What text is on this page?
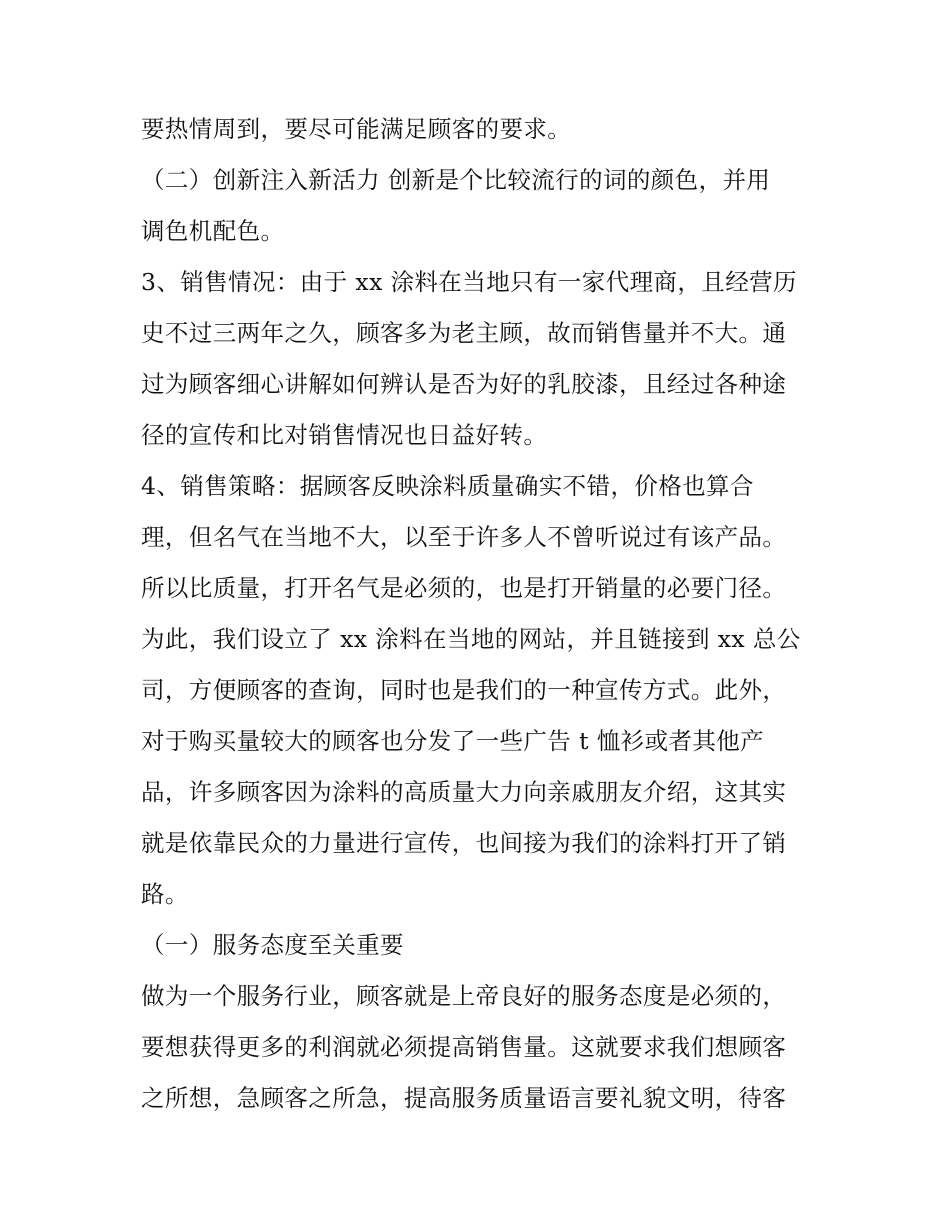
要热情周到，要尽可能满足顾客的要求。
（二）创新注入新活力 创新是个比较流行的词的颜色，并用
调色机配色。
3、销售情况：由于 xx 涂料在当地只有一家代理商，且经营历
史不过三两年之久，顾客多为老主顾，故而销售量并不大。通
过为顾客细心讲解如何辨认是否为好的乳胶漆，且经过各种途
径的宣传和比对销售情况也日益好转。
4、销售策略：据顾客反映涂料质量确实不错，价格也算合
理，但名气在当地不大，以至于许多人不曾听说过有该产品。
所以比质量，打开名气是必须的，也是打开销量的必要门径。
为此，我们设立了 xx 涂料在当地的网站，并且链接到 xx 总公
司，方便顾客的查询，同时也是我们的一种宣传方式。此外，
对于购买量较大的顾客也分发了一些广告 t 恤衫或者其他产
品，许多顾客因为涂料的高质量大力向亲戚朋友介绍，这其实
就是依靠民众的力量进行宣传，也间接为我们的涂料打开了销
路。
（一）服务态度至关重要
做为一个服务行业，顾客就是上帝良好的服务态度是必须的，
要想获得更多的利润就必须提高销售量。这就要求我们想顾客
之所想，急顾客之所急，提高服务质量语言要礼貌文明，待客
